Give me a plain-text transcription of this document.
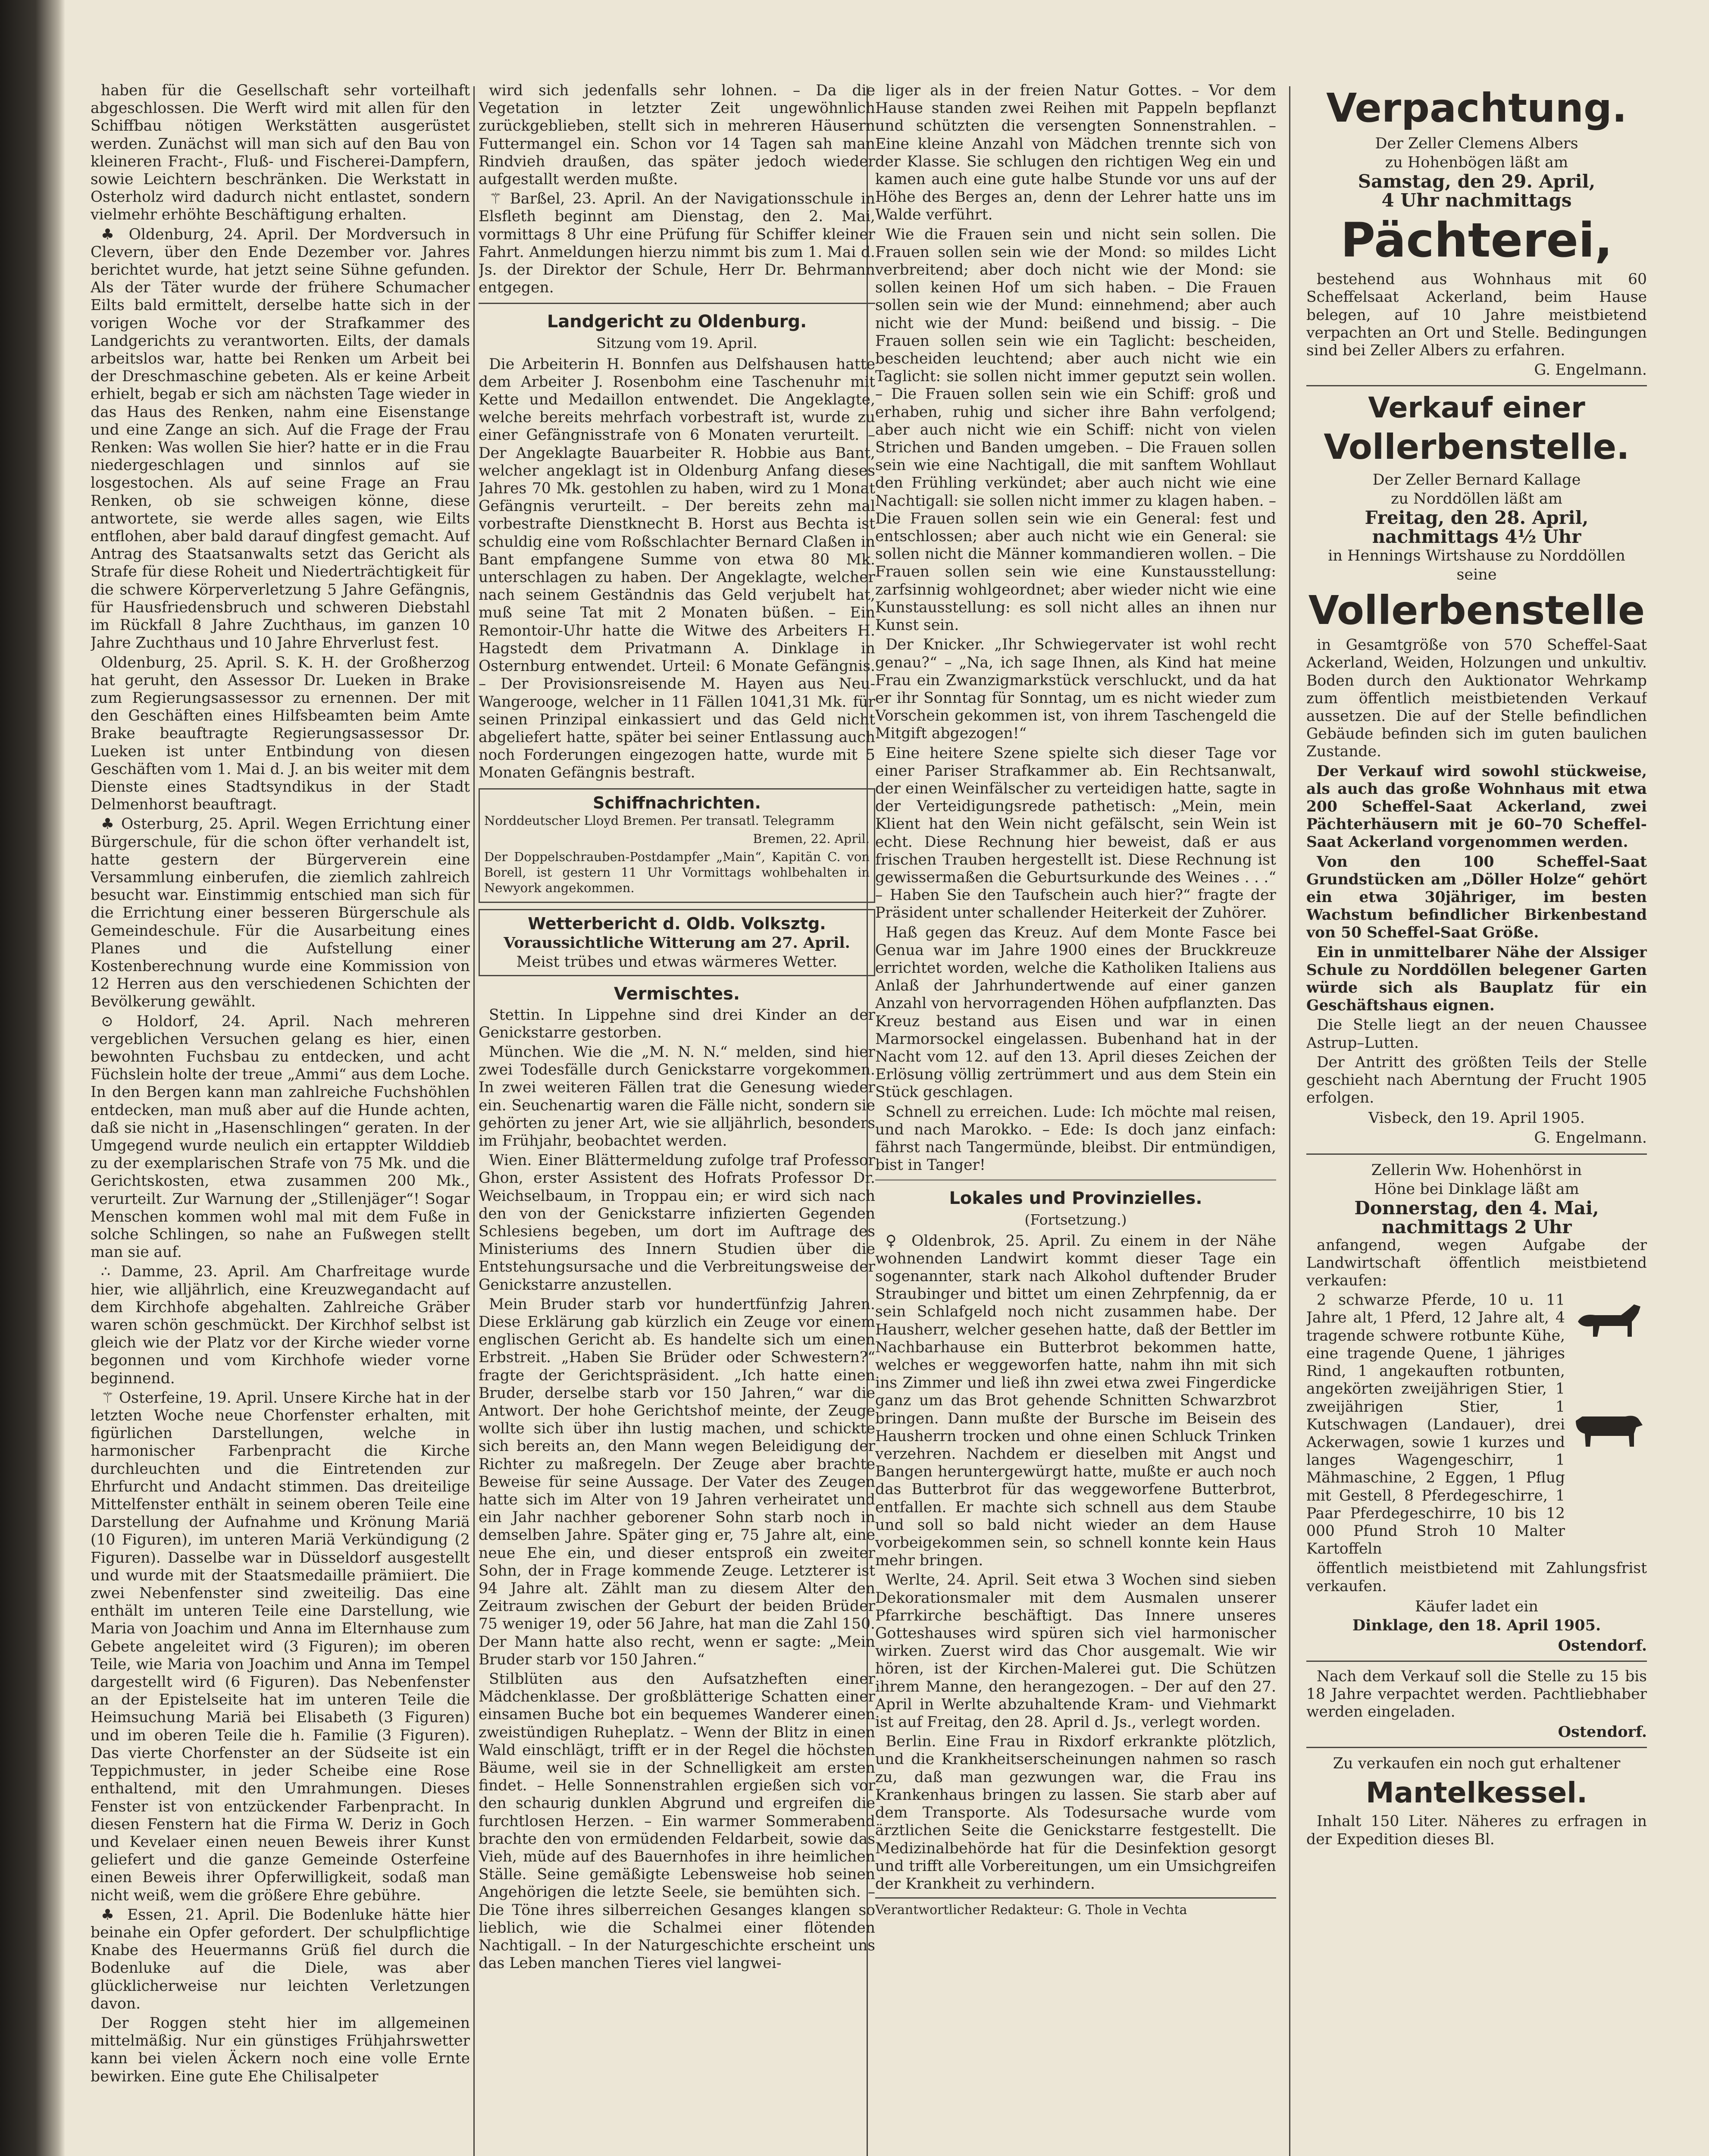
haben für die Gesellschaft sehr vorteilhaft abgeschlossen. Die Werft wird mit allen für den Schiffbau nötigen Werkstätten ausgerüstet werden. Zunächst will man sich auf den Bau von kleineren Fracht-, Fluß- und Fischerei-Dampfern, sowie Leichtern beschränken. Die Werkstatt in Osterholz wird dadurch nicht entlastet, sondern vielmehr erhöhte Beschäftigung erhalten.

♣ Oldenburg, 24. April. Der Mordversuch in Clevern, über den Ende Dezember vor. Jahres berichtet wurde, hat jetzt seine Sühne gefunden. Als der Täter wurde der frühere Schumacher Eilts bald ermittelt, derselbe hatte sich in der vorigen Woche vor der Strafkammer des Landgerichts zu verantworten. Eilts, der damals arbeitslos war, hatte bei Renken um Arbeit bei der Dreschmaschine gebeten. Als er keine Arbeit erhielt, begab er sich am nächsten Tage wieder in das Haus des Renken, nahm eine Eisenstange und eine Zange an sich. Auf die Frage der Frau Renken: Was wollen Sie hier? hatte er in die Frau niedergeschlagen und sinnlos auf sie losgestochen. Als auf seine Frage an Frau Renken, ob sie schweigen könne, diese antwortete, sie werde alles sagen, wie Eilts entflohen, aber bald darauf dingfest gemacht. Auf Antrag des Staatsanwalts setzt das Gericht als Strafe für diese Roheit und Niederträchtigkeit für die schwere Körperverletzung 5 Jahre Gefängnis, für Hausfriedensbruch und schweren Diebstahl im Rückfall 8 Jahre Zuchthaus, im ganzen 10 Jahre Zuchthaus und 10 Jahre Ehrverlust fest.

Oldenburg, 25. April. S. K. H. der Großherzog hat geruht, den Assessor Dr. Lueken in Brake zum Regierungsassessor zu ernennen. Der mit den Geschäften eines Hilfsbeamten beim Amte Brake beauftragte Regierungsassessor Dr. Lueken ist unter Entbindung von diesen Geschäften vom 1. Mai d. J. an bis weiter mit dem Dienste eines Stadtsyndikus in der Stadt Delmenhorst beauftragt.

♣ Osterburg, 25. April. Wegen Errichtung einer Bürgerschule, für die schon öfter verhandelt ist, hatte gestern der Bürgerverein eine Versammlung einberufen, die ziemlich zahlreich besucht war. Einstimmig entschied man sich für die Errichtung einer besseren Bürgerschule als Gemeindeschule. Für die Ausarbeitung eines Planes und die Aufstellung einer Kostenberechnung wurde eine Kommission von 12 Herren aus den verschiedenen Schichten der Bevölkerung gewählt.

⊙ Holdorf, 24. April. Nach mehreren vergeblichen Versuchen gelang es hier, einen bewohnten Fuchsbau zu entdecken, und acht Füchslein holte der treue „Ammi“ aus dem Loche. In den Bergen kann man zahlreiche Fuchshöhlen entdecken, man muß aber auf die Hunde achten, daß sie nicht in „Hasenschlingen“ geraten. In der Umgegend wurde neulich ein ertappter Wilddieb zu der exemplarischen Strafe von 75 Mk. und die Gerichtskosten, etwa zusammen 200 Mk., verurteilt. Zur Warnung der „Stillenjäger“! Sogar Menschen kommen wohl mal mit dem Fuße in solche Schlingen, so nahe an Fußwegen stellt man sie auf.

∴ Damme, 23. April. Am Charfreitage wurde hier, wie alljährlich, eine Kreuzwegandacht auf dem Kirchhofe abgehalten. Zahlreiche Gräber waren schön geschmückt. Der Kirchhof selbst ist gleich wie der Platz vor der Kirche wieder vorne begonnen und vom Kirchhofe wieder vorne beginnend.

⚚ Osterfeine, 19. April. Unsere Kirche hat in der letzten Woche neue Chorfenster erhalten, mit figürlichen Darstellungen, welche in harmonischer Farbenpracht die Kirche durchleuchten und die Eintretenden zur Ehrfurcht und Andacht stimmen. Das dreiteilige Mittelfenster enthält in seinem oberen Teile eine Darstellung der Aufnahme und Krönung Mariä (10 Figuren), im unteren Mariä Verkündigung (2 Figuren). Dasselbe war in Düsseldorf ausgestellt und wurde mit der Staatsmedaille prämiiert. Die zwei Nebenfenster sind zweiteilig. Das eine enthält im unteren Teile eine Darstellung, wie Maria von Joachim und Anna im Elternhause zum Gebete angeleitet wird (3 Figuren); im oberen Teile, wie Maria von Joachim und Anna im Tempel dargestellt wird (6 Figuren). Das Nebenfenster an der Epistelseite hat im unteren Teile die Heimsuchung Mariä bei Elisabeth (3 Figuren) und im oberen Teile die h. Familie (3 Figuren). Das vierte Chorfenster an der Südseite ist ein Teppichmuster, in jeder Scheibe eine Rose enthaltend, mit den Umrahmungen. Dieses Fenster ist von entzückender Farbenpracht. In diesen Fenstern hat die Firma W. Deriz in Goch und Kevelaer einen neuen Beweis ihrer Kunst geliefert und die ganze Gemeinde Osterfeine einen Beweis ihrer Opferwilligkeit, sodaß man nicht weiß, wem die größere Ehre gebühre.

♣ Essen, 21. April. Die Bodenluke hätte hier beinahe ein Opfer gefordert. Der schulpflichtige Knabe des Heuermanns Grüß fiel durch die Bodenluke auf die Diele, was aber glücklicherweise nur leichten Verletzungen davon.

Der Roggen steht hier im allgemeinen mittelmäßig. Nur ein günstiges Frühjahrswetter kann bei vielen Äckern noch eine volle Ernte bewirken. Eine gute Ehe Chilisalpeter

wird sich jedenfalls sehr lohnen. – Da die Vegetation in letzter Zeit ungewöhnlich zurückgeblieben, stellt sich in mehreren Häusern Futtermangel ein. Schon vor 14 Tagen sah man Rindvieh draußen, das später jedoch wieder aufgestallt werden mußte.

⚚ Barßel, 23. April. An der Navigationsschule in Elsfleth beginnt am Dienstag, den 2. Mai, vormittags 8 Uhr eine Prüfung für Schiffer kleiner Fahrt. Anmeldungen hierzu nimmt bis zum 1. Mai d. Js. der Direktor der Schule, Herr Dr. Behrmann entgegen.

Landgericht zu Oldenburg.
Sitzung vom 19. April.

Die Arbeiterin H. Bonnfen aus Delfshausen hatte dem Arbeiter J. Rosenbohm eine Taschenuhr mit Kette und Medaillon entwendet. Die Angeklagte, welche bereits mehrfach vorbestraft ist, wurde zu einer Gefängnisstrafe von 6 Monaten verurteilt. – Der Angeklagte Bauarbeiter R. Hobbie aus Bant, welcher angeklagt ist in Oldenburg Anfang dieses Jahres 70 Mk. gestohlen zu haben, wird zu 1 Monat Gefängnis verurteilt. – Der bereits zehn mal vorbestrafte Dienstknecht B. Horst aus Bechta ist schuldig eine vom Roßschlachter Bernard Claßen in Bant empfangene Summe von etwa 80 Mk. unterschlagen zu haben. Der Angeklagte, welcher nach seinem Geständnis das Geld verjubelt hat, muß seine Tat mit 2 Monaten büßen. – Ein Remontoir-Uhr hatte die Witwe des Arbeiters H. Hagstedt dem Privatmann A. Dinklage in Osternburg entwendet. Urteil: 6 Monate Gefängnis. – Der Provisionsreisende M. Hayen aus Neu-Wangerooge, welcher in 11 Fällen 1041,31 Mk. für seinen Prinzipal einkassiert und das Geld nicht abgeliefert hatte, später bei seiner Entlassung auch noch Forderungen eingezogen hatte, wurde mit 5 Monaten Gefängnis bestraft.

Schiffnachrichten.
Norddeutscher Lloyd Bremen. Per transatl. Telegramm
Bremen, 22. April.
Der Doppelschrauben-Postdampfer „Main“, Kapitän C. von Borell, ist gestern 11 Uhr Vormittags wohlbehalten in Newyork angekommen.
Wetterbericht d. Oldb. Volksztg.
Voraussichtliche Witterung am 27. April.
Meist trübes und etwas wärmeres Wetter.
Vermischtes.

Stettin. In Lippehne sind drei Kinder an der Genickstarre gestorben.

München. Wie die „M. N. N.“ melden, sind hier zwei Todesfälle durch Genickstarre vorgekommen. In zwei weiteren Fällen trat die Genesung wieder ein. Seuchenartig waren die Fälle nicht, sondern sie gehörten zu jener Art, wie sie alljährlich, besonders im Frühjahr, beobachtet werden.

Wien. Einer Blättermeldung zufolge traf Professor Ghon, erster Assistent des Hofrats Professor Dr. Weichselbaum, in Troppau ein; er wird sich nach den von der Genickstarre infizierten Gegenden Schlesiens begeben, um dort im Auftrage des Ministeriums des Innern Studien über die Entstehungsursache und die Verbreitungsweise der Genickstarre anzustellen.

Mein Bruder starb vor hundertfünfzig Jahren. Diese Erklärung gab kürzlich ein Zeuge vor einem englischen Gericht ab. Es handelte sich um einen Erbstreit. „Haben Sie Brüder oder Schwestern?“ fragte der Gerichtspräsident. „Ich hatte einen Bruder, derselbe starb vor 150 Jahren,“ war die Antwort. Der hohe Gerichtshof meinte, der Zeuge wollte sich über ihn lustig machen, und schickte sich bereits an, den Mann wegen Beleidigung der Richter zu maßregeln. Der Zeuge aber brachte Beweise für seine Aussage. Der Vater des Zeugen hatte sich im Alter von 19 Jahren verheiratet und ein Jahr nachher geborener Sohn starb noch in demselben Jahre. Später ging er, 75 Jahre alt, eine neue Ehe ein, und dieser entsproß ein zweiter Sohn, der in Frage kommende Zeuge. Letzterer ist 94 Jahre alt. Zählt man zu diesem Alter den Zeitraum zwischen der Geburt der beiden Brüder 75 weniger 19, oder 56 Jahre, hat man die Zahl 150. Der Mann hatte also recht, wenn er sagte: „Mein Bruder starb vor 150 Jahren.“

Stilblüten aus den Aufsatzheften einer Mädchenklasse. Der großblätterige Schatten einer einsamen Buche bot ein bequemes Wanderer einen zweistündigen Ruheplatz. – Wenn der Blitz in einen Wald einschlägt, trifft er in der Regel die höchsten Bäume, weil sie in der Schnelligkeit am ersten findet. – Helle Sonnenstrahlen ergießen sich vor den schaurig dunklen Abgrund und ergreifen die furchtlosen Herzen. – Ein warmer Sommerabend brachte den von ermüdenden Feldarbeit, sowie das Vieh, müde auf des Bauernhofes in ihre heimlichen Ställe. Seine gemäßigte Lebensweise hob seinen Angehörigen die letzte Seele, sie bemühten sich. – Die Töne ihres silberreichen Gesanges klangen so lieblich, wie die Schalmei einer flötenden Nachtigall. – In der Naturgeschichte erscheint uns das Leben manchen Tieres viel langwei-

liger als in der freien Natur Gottes. – Vor dem Hause standen zwei Reihen mit Pappeln bepflanzt und schützten die versengten Sonnenstrahlen. – Eine kleine Anzahl von Mädchen trennte sich von der Klasse. Sie schlugen den richtigen Weg ein und kamen auch eine gute halbe Stunde vor uns auf der Höhe des Berges an, denn der Lehrer hatte uns im Walde verführt.

Wie die Frauen sein und nicht sein sollen. Die Frauen sollen sein wie der Mond: so mildes Licht verbreitend; aber doch nicht wie der Mond: sie sollen keinen Hof um sich haben. – Die Frauen sollen sein wie der Mund: einnehmend; aber auch nicht wie der Mund: beißend und bissig. – Die Frauen sollen sein wie ein Taglicht: bescheiden, bescheiden leuchtend; aber auch nicht wie ein Taglicht: sie sollen nicht immer geputzt sein wollen. – Die Frauen sollen sein wie ein Schiff: groß und erhaben, ruhig und sicher ihre Bahn verfolgend; aber auch nicht wie ein Schiff: nicht von vielen Strichen und Banden umgeben. – Die Frauen sollen sein wie eine Nachtigall, die mit sanftem Wohllaut den Frühling verkündet; aber auch nicht wie eine Nachtigall: sie sollen nicht immer zu klagen haben. – Die Frauen sollen sein wie ein General: fest und entschlossen; aber auch nicht wie ein General: sie sollen nicht die Männer kommandieren wollen. – Die Frauen sollen sein wie eine Kunstausstellung: zarfsinnig wohlgeordnet; aber wieder nicht wie eine Kunstausstellung: es soll nicht alles an ihnen nur Kunst sein.

Der Knicker. „Ihr Schwiegervater ist wohl recht genau?“ – „Na, ich sage Ihnen, als Kind hat meine Frau ein Zwanzigmarkstück verschluckt, und da hat er ihr Sonntag für Sonntag, um es nicht wieder zum Vorschein gekommen ist, von ihrem Taschengeld die Mitgift abgezogen!“

Eine heitere Szene spielte sich dieser Tage vor einer Pariser Strafkammer ab. Ein Rechtsanwalt, der einen Weinfälscher zu verteidigen hatte, sagte in der Verteidigungsrede pathetisch: „Mein, mein Klient hat den Wein nicht gefälscht, sein Wein ist echt. Diese Rechnung hier beweist, daß er aus frischen Trauben hergestellt ist. Diese Rechnung ist gewissermaßen die Geburtsurkunde des Weines . . .“ – Haben Sie den Taufschein auch hier?“ fragte der Präsident unter schallender Heiterkeit der Zuhörer.

Haß gegen das Kreuz. Auf dem Monte Fasce bei Genua war im Jahre 1900 eines der Bruckkreuze errichtet worden, welche die Katholiken Italiens aus Anlaß der Jahrhundertwende auf einer ganzen Anzahl von hervorragenden Höhen aufpflanzten. Das Kreuz bestand aus Eisen und war in einen Marmorsockel eingelassen. Bubenhand hat in der Nacht vom 12. auf den 13. April dieses Zeichen der Erlösung völlig zertrümmert und aus dem Stein ein Stück geschlagen.

Schnell zu erreichen. Lude: Ich möchte mal reisen, und nach Marokko. – Ede: Is doch janz einfach: fährst nach Tangermünde, bleibst. Dir entmündigen, bist in Tanger!

Lokales und Provinzielles.
(Fortsetzung.)

♀ Oldenbrok, 25. April. Zu einem in der Nähe wohnenden Landwirt kommt dieser Tage ein sogenannter, stark nach Alkohol duftender Bruder Straubinger und bittet um einen Zehrpfennig, da er sein Schlafgeld noch nicht zusammen habe. Der Hausherr, welcher gesehen hatte, daß der Bettler im Nachbarhause ein Butterbrot bekommen hatte, welches er weggeworfen hatte, nahm ihn mit sich ins Zimmer und ließ ihn zwei etwa zwei Fingerdicke ganz um das Brot gehende Schnitten Schwarzbrot bringen. Dann mußte der Bursche im Beisein des Hausherrn trocken und ohne einen Schluck Trinken verzehren. Nachdem er dieselben mit Angst und Bangen heruntergewürgt hatte, mußte er auch noch das Butterbrot für das weggeworfene Butterbrot, entfallen. Er machte sich schnell aus dem Staube und soll so bald nicht wieder an dem Hause vorbeigekommen sein, so schnell konnte kein Haus mehr bringen.

Werlte, 24. April. Seit etwa 3 Wochen sind sieben Dekorationsmaler mit dem Ausmalen unserer Pfarrkirche beschäftigt. Das Innere unseres Gotteshauses wird spüren sich viel harmonischer wirken. Zuerst wird das Chor ausgemalt. Wie wir hören, ist der Kirchen-Malerei gut. Die Schützen ihrem Manne, den herangezogen. – Der auf den 27. April in Werlte abzuhaltende Kram- und Viehmarkt ist auf Freitag, den 28. April d. Js., verlegt worden.

Berlin. Eine Frau in Rixdorf erkrankte plötzlich, und die Krankheitserscheinungen nahmen so rasch zu, daß man gezwungen war, die Frau ins Krankenhaus bringen zu lassen. Sie starb aber auf dem Transporte. Als Todesursache wurde vom ärztlichen Seite die Genickstarre festgestellt. Die Medizinalbehörde hat für die Desinfektion gesorgt und trifft alle Vorbereitungen, um ein Umsichgreifen der Krankheit zu verhindern.

Verantwortlicher Redakteur: G. Thole in Vechta
Verpachtung.
Der Zeller Clemens Albers
zu Hohenbögen läßt am
Samstag, den 29. April,
4 Uhr nachmittags
Pächterei,

bestehend aus Wohnhaus mit 60 Scheffelsaat Ackerland, beim Hause belegen, auf 10 Jahre meistbietend verpachten an Ort und Stelle. Bedingungen sind bei Zeller Albers zu erfahren.

G. Engelmann.
Verkauf einer
Vollerbenstelle.
Der Zeller Bernard Kallage
zu Norddöllen läßt am
Freitag, den 28. April,
nachmittags 4½ Uhr
in Hennings Wirtshause zu Norddöllen seine
Vollerbenstelle

in Gesamtgröße von 570 Scheffel-Saat Ackerland, Weiden, Holzungen und unkultiv. Boden durch den Auktionator Wehrkamp zum öffentlich meistbietenden Verkauf aussetzen. Die auf der Stelle befindlichen Gebäude befinden sich im guten baulichen Zustande.

Der Verkauf wird sowohl stückweise, als auch das große Wohnhaus mit etwa 200 Scheffel-Saat Ackerland, zwei Pächterhäusern mit je 60–70 Scheffel-Saat Ackerland vorgenommen werden.

Von den 100 Scheffel-Saat Grundstücken am „Döller Holze“ gehört ein etwa 30jähriger, im besten Wachstum befindlicher Birkenbestand von 50 Scheffel-Saat Größe.

Ein in unmittelbarer Nähe der Alssiger Schule zu Norddöllen belegener Garten würde sich als Bauplatz für ein Geschäftshaus eignen.

Die Stelle liegt an der neuen Chaussee Astrup–Lutten.

Der Antritt des größten Teils der Stelle geschieht nach Aberntung der Frucht 1905 erfolgen.

Visbeck, den 19. April 1905.
G. Engelmann.
Zellerin Ww. Hohenhörst in
Höne bei Dinklage läßt am
Donnerstag, den 4. Mai,
nachmittags 2 Uhr

anfangend, wegen Aufgabe der Landwirtschaft öffentlich meistbietend verkaufen:

2 schwarze Pferde, 10 u. 11 Jahre alt, 1 Pferd, 12 Jahre alt, 4 tragende schwere rotbunte Kühe, eine tragende Quene, 1 jähriges Rind, 1 angekauften rotbunten, angekörten zweijährigen Stier, 1 zweijährigen Stier, 1 Kutschwagen (Landauer), drei Ackerwagen, sowie 1 kurzes und langes Wagengeschirr, 1 Mähmaschine, 2 Eggen, 1 Pflug mit Gestell, 8 Pferdegeschirre, 1 Paar Pferdegeschirre, 10 bis 12 000 Pfund Stroh 10 Malter Kartoffeln

öffentlich meistbietend mit Zahlungsfrist verkaufen.

Käufer ladet ein
Dinklage, den 18. April 1905.
Ostendorf.

Nach dem Verkauf soll die Stelle zu 15 bis 18 Jahre verpachtet werden. Pachtliebhaber werden eingeladen.

Ostendorf.
Zu verkaufen ein noch gut erhaltener
Mantelkessel.

Inhalt 150 Liter. Näheres zu erfragen in der Expedition dieses Bl.
